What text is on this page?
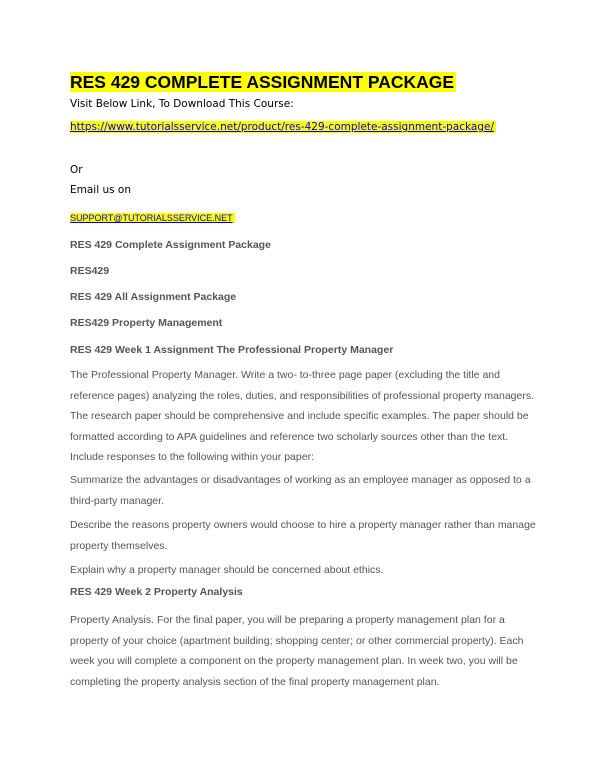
RES 429 COMPLETE ASSIGNMENT PACKAGE
Visit Below Link, To Download This Course:
https://www.tutorialsservice.net/product/res-429-complete-assignment-package/
Or
Email us on
SUPPORT@TUTORIALSSERVICE.NET
RES 429 Complete Assignment Package
RES429
RES 429 All Assignment Package
RES429 Property Management
RES 429 Week 1 Assignment The Professional Property Manager
The Professional Property Manager. Write a two- to-three page paper (excluding the title and reference pages) analyzing the roles, duties, and responsibilities of professional property managers. The research paper should be comprehensive and include specific examples. The paper should be formatted according to APA guidelines and reference two scholarly sources other than the text. Include responses to the following within your paper:
Summarize the advantages or disadvantages of working as an employee manager as opposed to a third-party manager.
Describe the reasons property owners would choose to hire a property manager rather than manage property themselves.
Explain why a property manager should be concerned about ethics.
RES 429 Week 2 Property Analysis
Property Analysis. For the final paper, you will be preparing a property management plan for a property of your choice (apartment building; shopping center; or other commercial property). Each week you will complete a component on the property management plan. In week two, you will be completing the property analysis section of the final property management plan.
